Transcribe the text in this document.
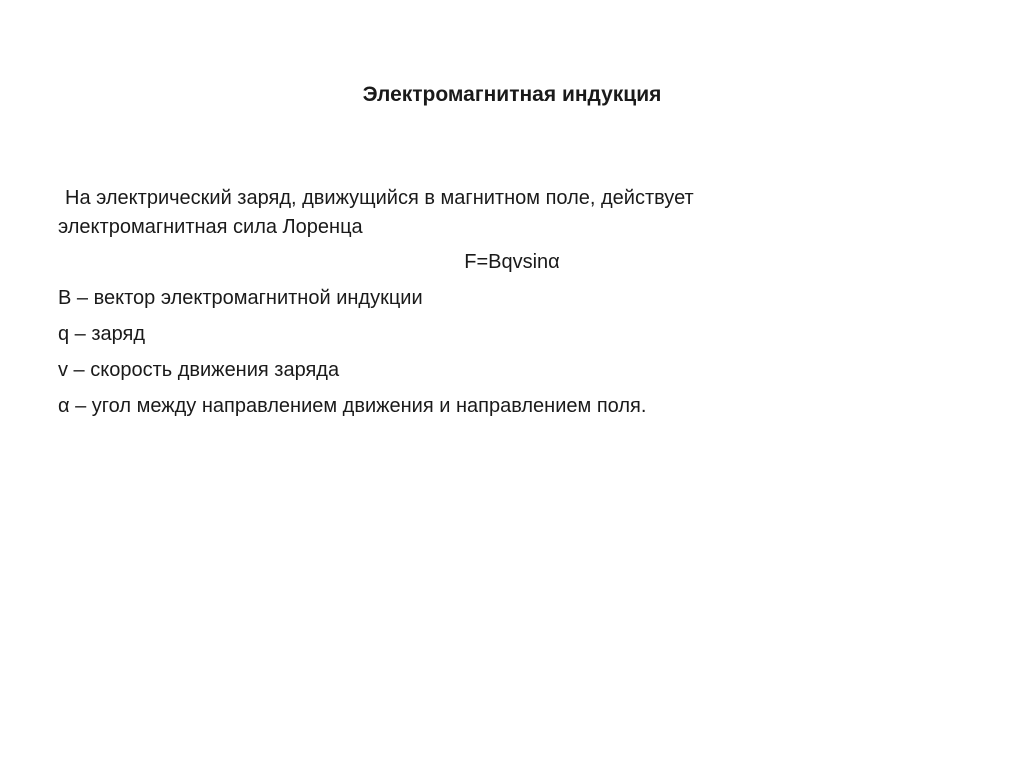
Электромагнитная индукция

На электрический заряд, движущийся в магнитном поле, действует электромагнитная сила Лоренца

F=Bqvsinα

B – вектор электромагнитной индукции

q – заряд

v – скорость движения заряда

α – угол между направлением движения и направлением поля.
